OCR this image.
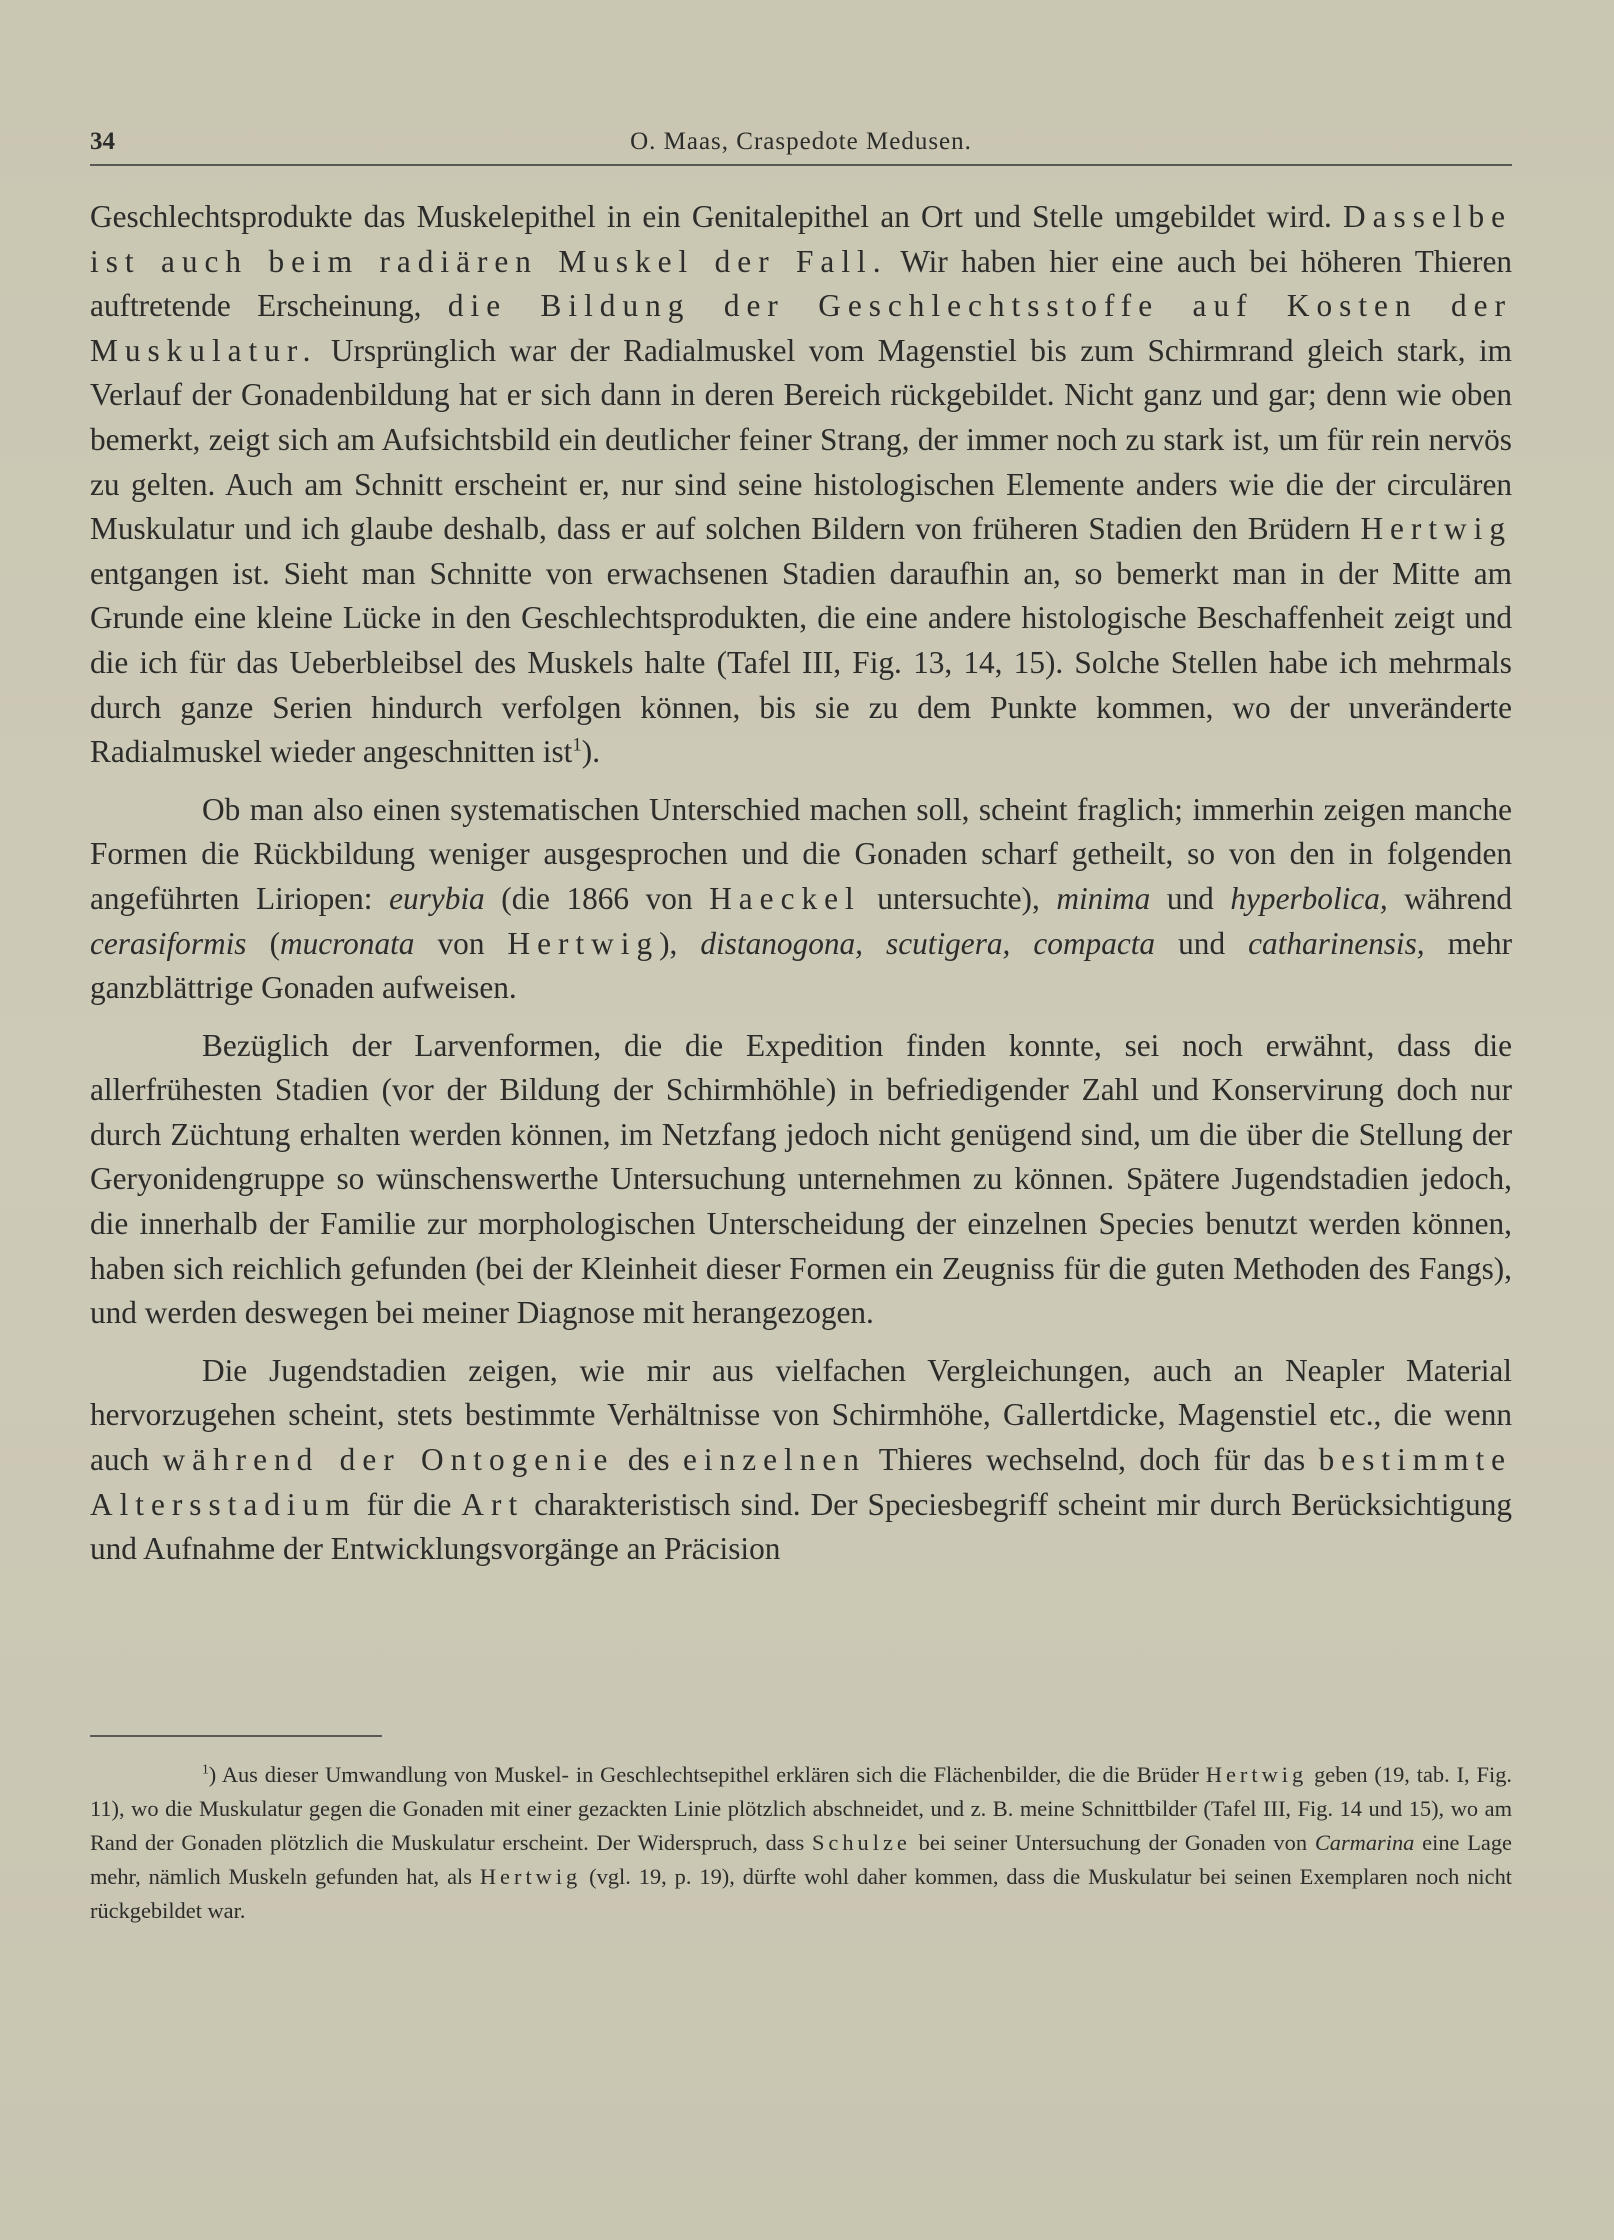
34	O. Maas, Craspedote Medusen.

Geschlechtsprodukte das Muskelepithel in ein Genitalepithel an Ort und Stelle umgebildet wird. Dasselbe ist auch beim radiären Muskel der Fall. Wir haben hier eine auch bei höheren Thieren auftretende Erscheinung, die Bildung der Geschlechtsstoffe auf Kosten der Muskulatur. Ursprünglich war der Radialmuskel vom Magenstiel bis zum Schirmrand gleich stark, im Verlauf der Gonadenbildung hat er sich dann in deren Bereich rückgebildet. Nicht ganz und gar; denn wie oben bemerkt, zeigt sich am Aufsichtsbild ein deutlicher feiner Strang, der immer noch zu stark ist, um für rein nervös zu gelten. Auch am Schnitt erscheint er, nur sind seine histologischen Elemente anders wie die der circulären Muskulatur und ich glaube deshalb, dass er auf solchen Bildern von früheren Stadien den Brüdern Hertwig entgangen ist. Sieht man Schnitte von erwachsenen Stadien daraufhin an, so bemerkt man in der Mitte am Grunde eine kleine Lücke in den Geschlechtsprodukten, die eine andere histologische Beschaffenheit zeigt und die ich für das Ueberbleibsel des Muskels halte (Tafel III, Fig. 13, 14, 15). Solche Stellen habe ich mehrmals durch ganze Serien hindurch verfolgen können, bis sie zu dem Punkte kommen, wo der unveränderte Radialmuskel wieder angeschnitten ist$^1$).

Ob man also einen systematischen Unterschied machen soll, scheint fraglich; immerhin zeigen manche Formen die Rückbildung weniger ausgesprochen und die Gonaden scharf getheilt, so von den in folgenden angeführten Liriopen: eurybia (die 1866 von Haeckel untersuchte), minima und hyperbolica, während cerasiformis (mucronata von Hertwig), distanogona, scutigera, compacta und catharinensis, mehr ganzblättrige Gonaden aufweisen.

Bezüglich der Larvenformen, die die Expedition finden konnte, sei noch erwähnt, dass die allerfrühesten Stadien (vor der Bildung der Schirmhöhle) in befriedigender Zahl und Konservirung doch nur durch Züchtung erhalten werden können, im Netzfang jedoch nicht genügend sind, um die über die Stellung der Geryonidengruppe so wünschenswerthe Untersuchung unternehmen zu können. Spätere Jugendstadien jedoch, die innerhalb der Familie zur morphologischen Unterscheidung der einzelnen Species benutzt werden können, haben sich reichlich gefunden (bei der Kleinheit dieser Formen ein Zeugniss für die guten Methoden des Fangs), und werden deswegen bei meiner Diagnose mit herangezogen.

Die Jugendstadien zeigen, wie mir aus vielfachen Vergleichungen, auch an Neapler Material hervorzugehen scheint, stets bestimmte Verhältnisse von Schirmhöhe, Gallertdicke, Magenstiel etc., die wenn auch während der Ontogenie des einzelnen Thieres wechselnd, doch für das bestimmte Altersstadium für die Art charakteristisch sind. Der Speciesbegriff scheint mir durch Berücksichtigung und Aufnahme der Entwicklungsvorgänge an Präcision

$^1$) Aus dieser Umwandlung von Muskel- in Geschlechtsepithel erklären sich die Flächenbilder, die die Brüder Hertwig geben (19, tab. I, Fig. 11), wo die Muskulatur gegen die Gonaden mit einer gezackten Linie plötzlich abschneidet, und z. B. meine Schnittbilder (Tafel III, Fig. 14 und 15), wo am Rand der Gonaden plötzlich die Muskulatur erscheint. Der Widerspruch, dass Schulze bei seiner Untersuchung der Gonaden von Carmarina eine Lage mehr, nämlich Muskeln gefunden hat, als Hertwig (vgl. 19, p. 19), dürfte wohl daher kommen, dass die Muskulatur bei seinen Exemplaren noch nicht rückgebildet war.
